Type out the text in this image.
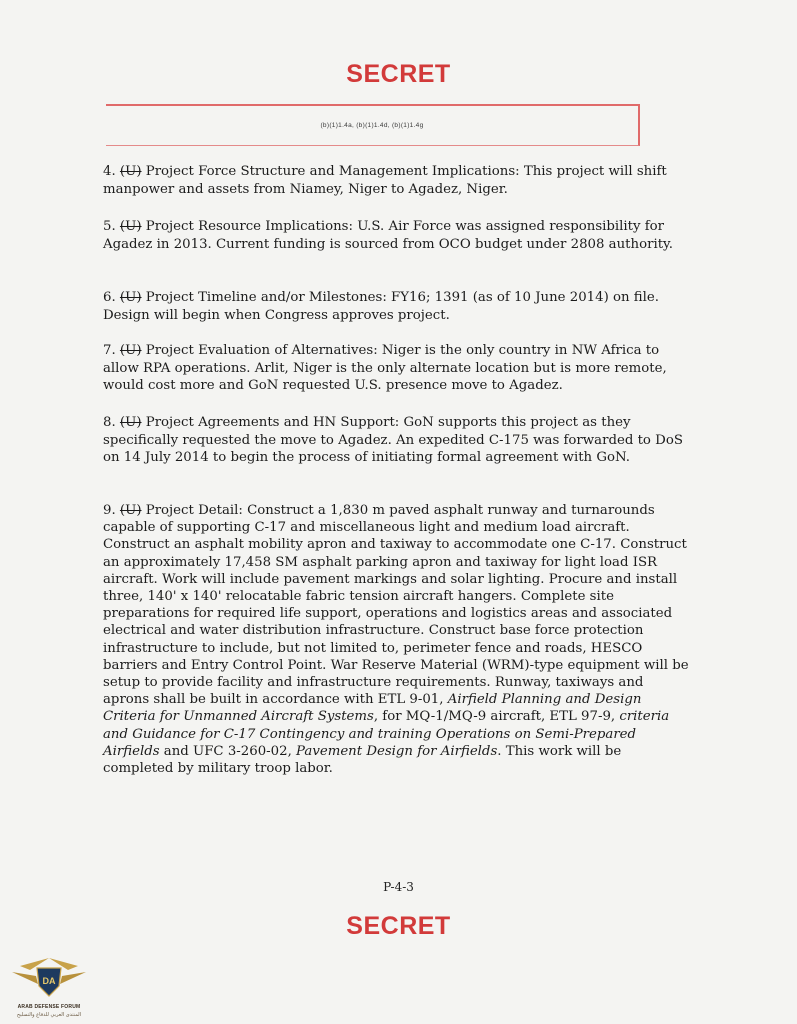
SECRET
(b)(1)1.4a, (b)(1)1.4d, (b)(1)1.4g

4. (U) Project Force Structure and Management Implications: This project will shift manpower and assets from Niamey, Niger to Agadez, Niger.

5. (U) Project Resource Implications: U.S. Air Force was assigned responsibility for Agadez in 2013. Current funding is sourced from OCO budget under 2808 authority.

6. (U) Project Timeline and/or Milestones: FY16; 1391 (as of 10 June 2014) on file. Design will begin when Congress approves project.

7. (U) Project Evaluation of Alternatives: Niger is the only country in NW Africa to allow RPA operations. Arlit, Niger is the only alternate location but is more remote, would cost more and GoN requested U.S. presence move to Agadez.

8. (U) Project Agreements and HN Support: GoN supports this project as they specifically requested the move to Agadez. An expedited C-175 was forwarded to DoS on 14 July 2014 to begin the process of initiating formal agreement with GoN.

9. (U) Project Detail: Construct a 1,830 m paved asphalt runway and turnarounds capable of supporting C-17 and miscellaneous light and medium load aircraft. Construct an asphalt mobility apron and taxiway to accommodate one C-17. Construct an approximately 17,458 SM asphalt parking apron and taxiway for light load ISR aircraft. Work will include pavement markings and solar lighting. Procure and install three, 140' x 140' relocatable fabric tension aircraft hangers. Complete site preparations for required life support, operations and logistics areas and associated electrical and water distribution infrastructure. Construct base force protection infrastructure to include, but not limited to, perimeter fence and roads, HESCO barriers and Entry Control Point. War Reserve Material (WRM)-type equipment will be setup to provide facility and infrastructure requirements. Runway, taxiways and aprons shall be built in accordance with ETL 9-01, Airfield Planning and Design Criteria for Unmanned Aircraft Systems, for MQ-1/MQ-9 aircraft, ETL 97-9, criteria and Guidance for C-17 Contingency and training Operations on Semi-Prepared Airfields and UFC 3-260-02, Pavement Design for Airfields. This work will be completed by military troop labor.

P-4-3
SECRET
DA
ARAB DEFENSE FORUM
المنتدى العربي للدفاع والتسليح
